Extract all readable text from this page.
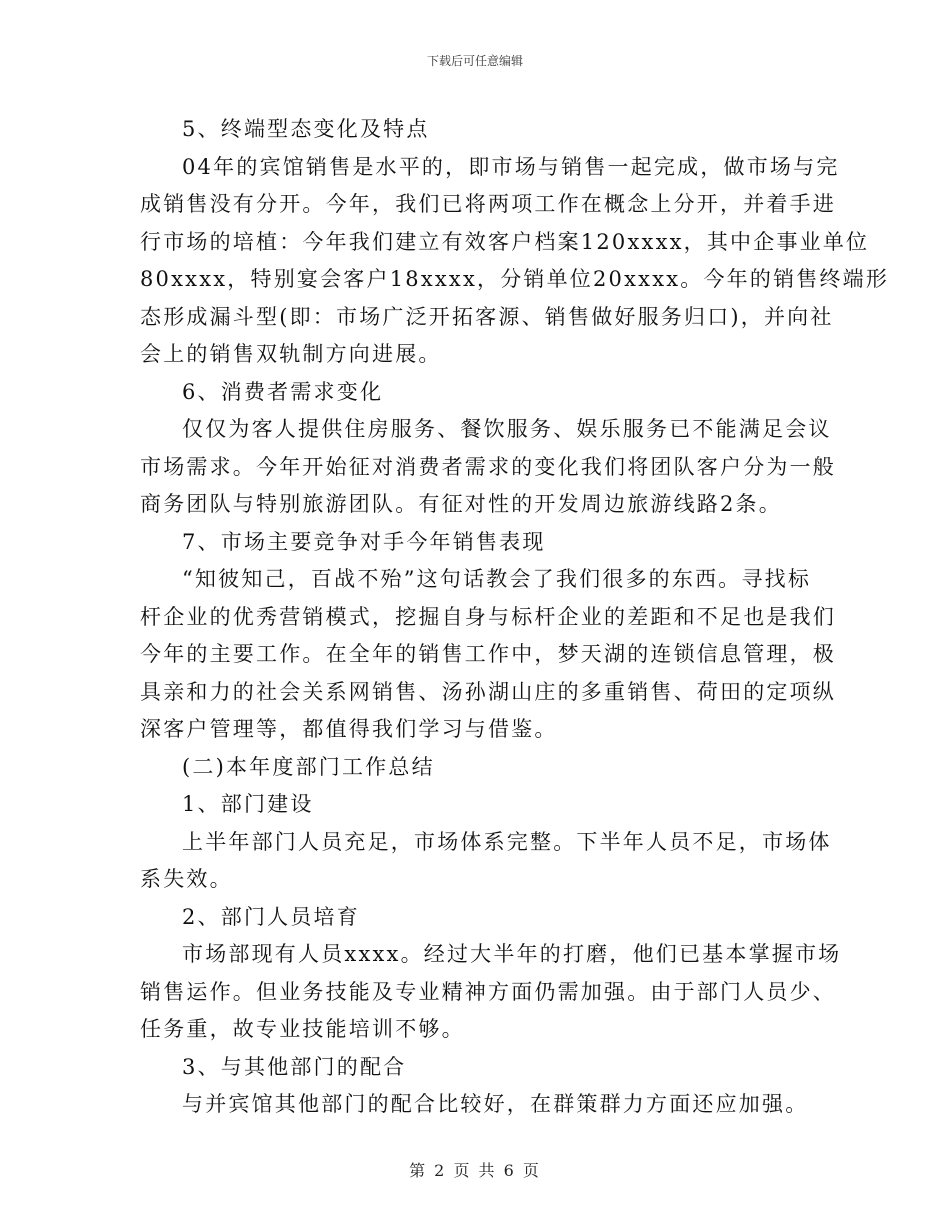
下载后可任意编辑
5、终端型态变化及特点
04年的宾馆销售是水平的，即市场与销售一起完成，做市场与完
成销售没有分开。今年，我们已将两项工作在概念上分开，并着手进
行市场的培植：今年我们建立有效客户档案120xxxx，其中企事业单位
80xxxx，特别宴会客户18xxxx，分销单位20xxxx。今年的销售终端形
态形成漏斗型(即：市场广泛开拓客源、销售做好服务归口)，并向社
会上的销售双轨制方向进展。
6、消费者需求变化
仅仅为客人提供住房服务、餐饮服务、娱乐服务已不能满足会议
市场需求。今年开始征对消费者需求的变化我们将团队客户分为一般
商务团队与特别旅游团队。有征对性的开发周边旅游线路2条。
7、市场主要竞争对手今年销售表现
“知彼知己，百战不殆”这句话教会了我们很多的东西。寻找标
杆企业的优秀营销模式，挖掘自身与标杆企业的差距和不足也是我们
今年的主要工作。在全年的销售工作中，梦天湖的连锁信息管理，极
具亲和力的社会关系网销售、汤孙湖山庄的多重销售、荷田的定项纵
深客户管理等，都值得我们学习与借鉴。
(二)本年度部门工作总结
1、部门建设
上半年部门人员充足，市场体系完整。下半年人员不足，市场体
系失效。
2、部门人员培育
市场部现有人员xxxx。经过大半年的打磨，他们已基本掌握市场
销售运作。但业务技能及专业精神方面仍需加强。由于部门人员少、
任务重，故专业技能培训不够。
3、与其他部门的配合
与并宾馆其他部门的配合比较好，在群策群力方面还应加强。
第 2 页 共 6 页
